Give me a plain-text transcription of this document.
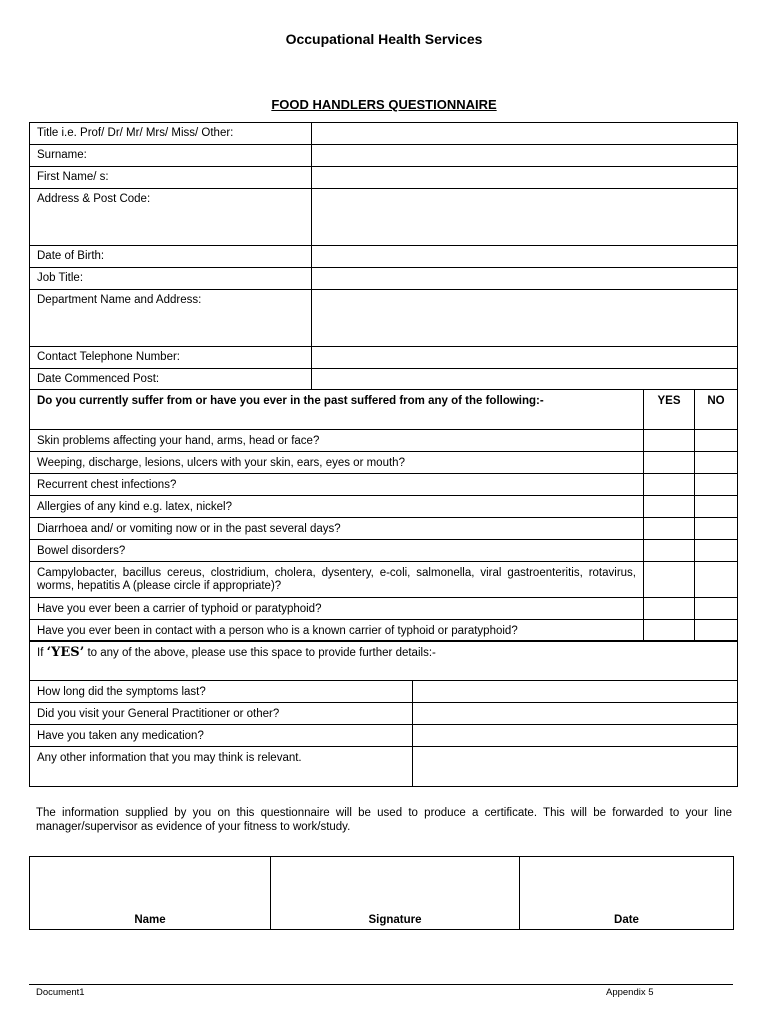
Occupational Health Services
FOOD HANDLERS QUESTIONNAIRE
Title i.e. Prof/ Dr/ Mr/ Mrs/ Miss/ Other:	
Surname:	
First Name/ s:	
Address & Post Code:	
Date of Birth:	
Job Title:	
Department Name and Address:	
Contact Telephone Number:	
Date Commenced Post:	
Do you currently suffer from or have you ever in the past suffered from any of the following:-	YES	NO
Skin problems affecting your hand, arms, head or face?		
Weeping, discharge, lesions, ulcers with your skin, ears, eyes or mouth?		
Recurrent chest infections?		
Allergies of any kind e.g. latex, nickel?		
Diarrhoea and/ or vomiting now or in the past several days?		
Bowel disorders?		
Campylobacter, bacillus cereus, clostridium, cholera, dysentery, e-coli, salmonella, viral gastroenteritis, rotavirus, worms, hepatitis A (please circle if appropriate)?		
Have you ever been a carrier of typhoid or paratyphoid?		
Have you ever been in contact with a person who is a known carrier of typhoid or paratyphoid?		
If ‘YES’ to any of the above, please use this space to provide further details:-	
How long did the symptoms last?	
Did you visit your General Practitioner or other?	
Have you taken any medication?	
Any other information that you may think is relevant.	
The information supplied by you on this questionnaire will be used to produce a certificate. This will be forwarded to your line manager/supervisor as evidence of your fitness to work/study.
Name	Signature	Date
Document1	Appendix 5
